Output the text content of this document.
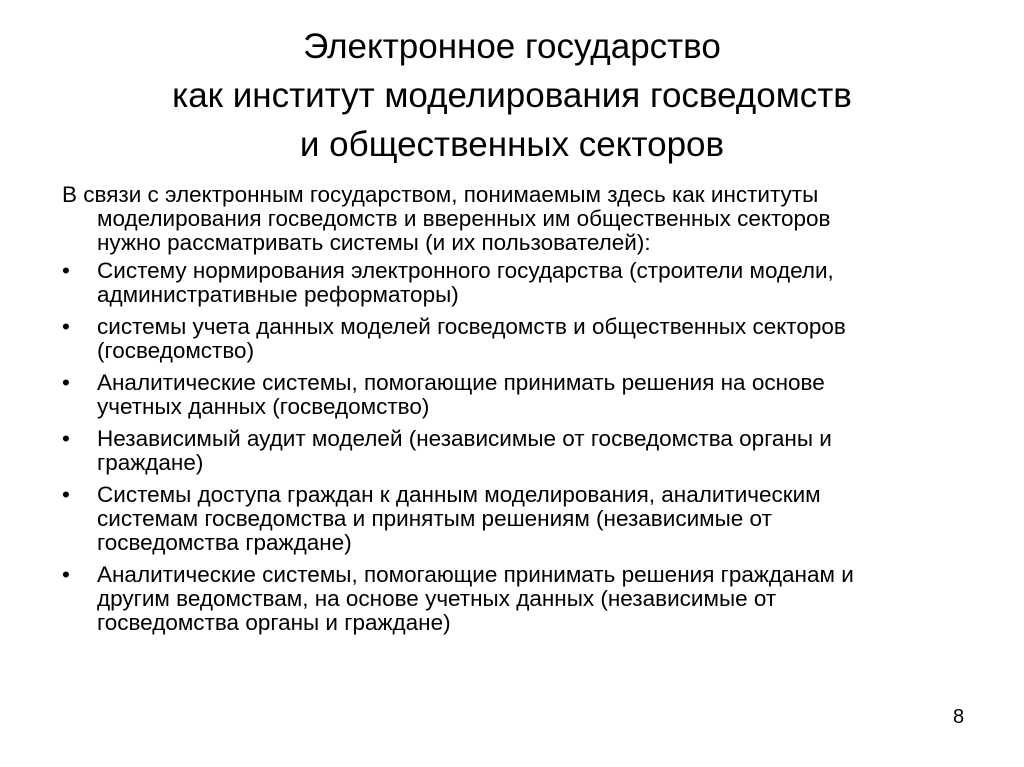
Электронное государство
как институт моделирования госведомств
и общественных секторов
В связи с электронным государством, понимаемым здесь как институты
моделирования госведомств и вверенных им общественных секторов
нужно рассматривать системы (и их пользователей):
• Систему нормирования электронного государства (строители модели,
административные реформаторы)
• системы учета данных моделей госведомств и общественных секторов
(госведомство)
• Аналитические системы, помогающие принимать решения на основе
учетных данных (госведомство)
• Независимый аудит моделей (независимые от госведомства органы и
граждане)
• Системы доступа граждан к данным моделирования, аналитическим
системам госведомства и принятым решениям (независимые от
госведомства граждане)
• Аналитические системы, помогающие принимать решения гражданам и
другим ведомствам, на основе учетных данных (независимые от
госведомства органы и граждане)
8
